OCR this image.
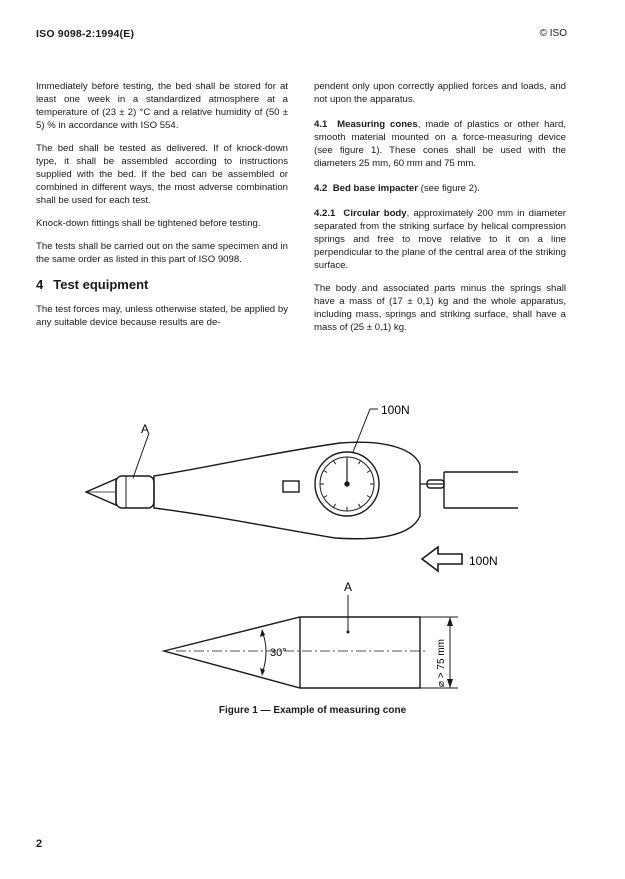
ISO 9098-2:1994(E)	© ISO

Immediately before testing, the bed shall be stored for at least one week in a standardized atmosphere at a temperature of (23 ± 2) °C and a relative humidity of (50 ± 5) % in accordance with ISO 554.

The bed shall be tested as delivered. If of knock-down type, it shall be assembled according to instructions supplied with the bed. If the bed can be assembled or combined in different ways, the most adverse combination shall be used for each test.

Knock-down fittings shall be tightened before testing.

The tests shall be carried out on the same specimen and in the same order as listed in this part of ISO 9098.

4 Test equipment

The test forces may, unless otherwise stated, be applied by any suitable device because results are de-

pendent only upon correctly applied forces and loads, and not upon the apparatus.

4.1 Measuring cones, made of plastics or other hard, smooth material mounted on a force-measuring device (see figure 1). These cones shall be used with the diameters 25 mm, 60 mm and 75 mm.

4.2 Bed base impacter (see figure 2).

4.2.1 Circular body, approximately 200 mm in diameter separated from the striking surface by helical compression springs and free to move relative to it on a line perpendicular to the plane of the central area of the striking surface.

The body and associated parts minus the springs shall have a mass of (17 ± 0,1) kg and the whole apparatus, including mass, springs and striking surface, shall have a mass of (25 ± 0,1) kg.

A
100N
100N
A
30°	⌀ > 75 mm
Figure 1 — Example of measuring cone
2
